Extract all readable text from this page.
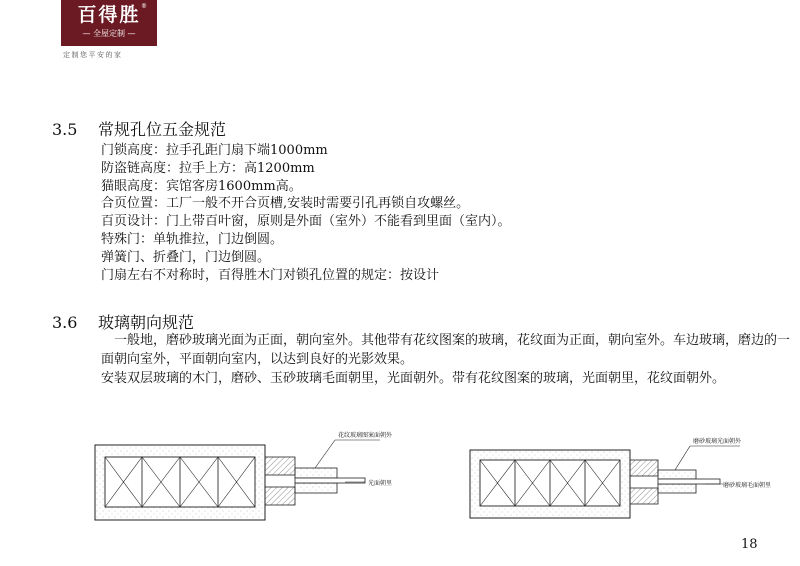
百得胜
— 全屋定制 —
®
定制您平安的家
3.5 常规孔位五金规范
门锁高度：拉手孔距门扇下端1000mm
防盗链高度：拉手上方：高1200mm
猫眼高度：宾馆客房1600mm高。
合页位置：工厂一般不开合页槽,安装时需要引孔再锁自攻螺丝。
百页设计：门上带百叶窗，原则是外面（室外）不能看到里面（室内）。
特殊门：单轨推拉，门边倒圆。
弹簧门、折叠门，门边倒圆。
门扇左右不对称时，百得胜木门对锁孔位置的规定：按设计
3.6 玻璃朝向规范
一般地，磨砂玻璃光面为正面，朝向室外。其他带有花纹图案的玻璃，花纹面为正面，朝向室外。车边玻璃，磨边的一面朝向室外，平面朝向室内，以达到良好的光影效果。
安装双层玻璃的木门，磨砂、玉砂玻璃毛面朝里，光面朝外。带有花纹图案的玻璃，光面朝里，花纹面朝外。
花纹玻璃图案面朝外
光面朝里
磨砂玻璃光面朝外
磨砂玻璃毛面朝里
18
